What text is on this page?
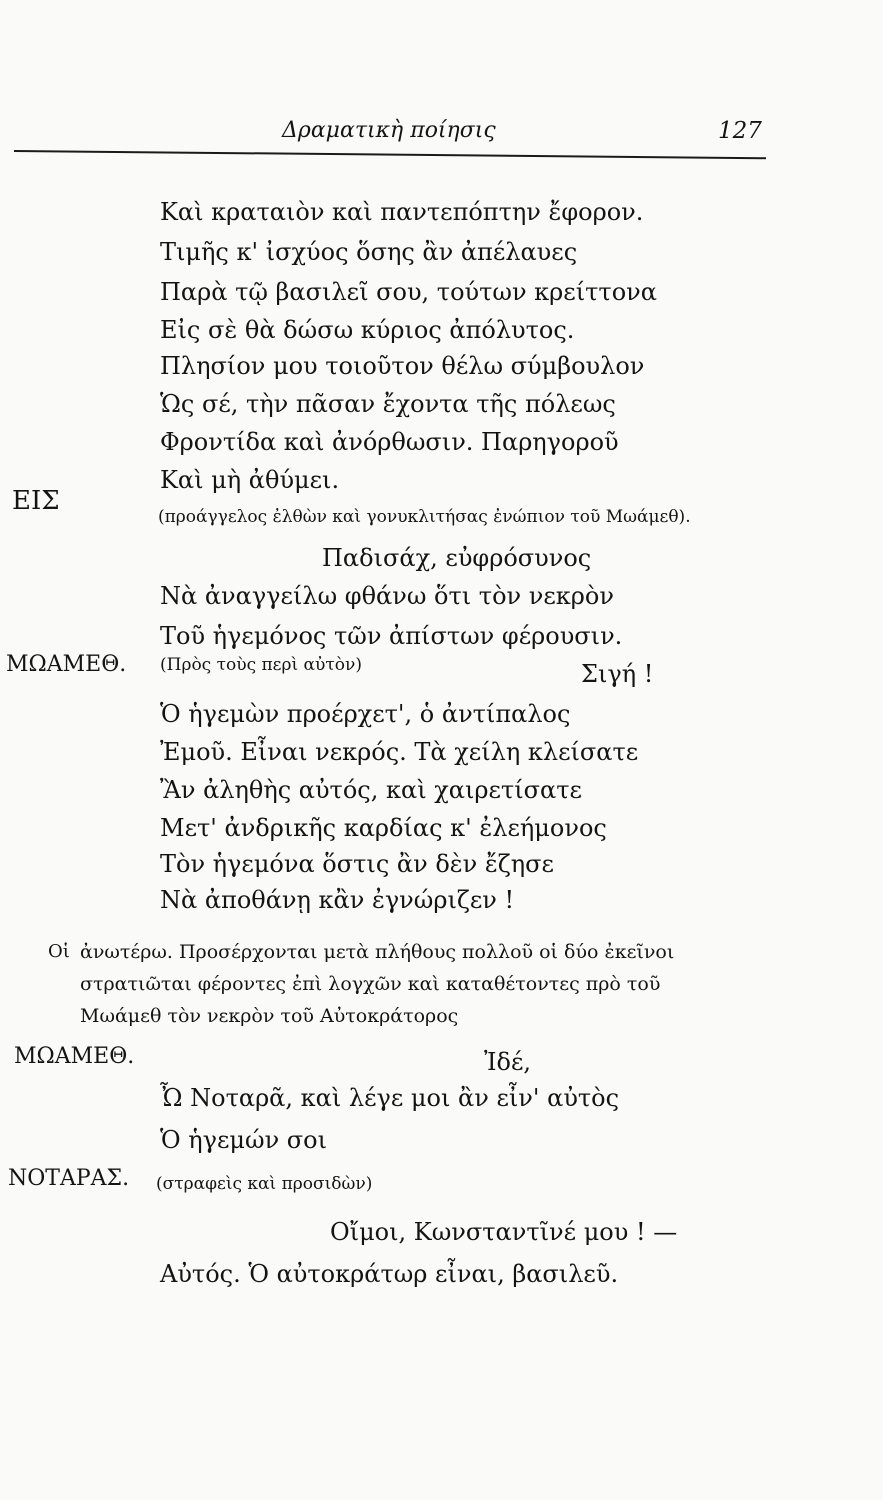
Δραματικὴ ποίησις	127
Καὶ κραταιὸν καὶ παντεπόπτην ἔφορον.
Τιμῆς κ' ἰσχύος ὅσης ἂν ἀπέλαυες
Παρὰ τῷ βασιλεῖ σου, τούτων κρείττονα
Εἰς σὲ θὰ δώσω κύριος ἀπόλυτος.
Πλησίον μου τοιοῦτον θέλω σύμβουλον
Ὡς σέ, τὴν πᾶσαν ἔχοντα τῆς πόλεως
Φροντίδα καὶ ἀνόρθωσιν. Παρηγοροῦ
Καὶ μὴ ἀθύμει.
ΕΙΣ
(προάγγελος ἐλθὼν καὶ γονυκλιτήσας ἐνώπιον τοῦ Μωάμεθ).
Παδισάχ, εὐφρόσυνος
Νὰ ἀναγγείλω φθάνω ὅτι τὸν νεκρὸν
Τοῦ ἡγεμόνος τῶν ἀπίστων φέρουσιν.
ΜΩΑΜΕΘ. (Πρὸς τοὺς περὶ αὐτὸν)	Σιγή !
Ὁ ἡγεμὼν προέρχετ', ὁ ἀντίπαλος
Ἐμοῦ. Εἶναι νεκρός. Τὰ χείλη κλείσατε
Ἂν ἀληθὴς αὐτός, καὶ χαιρετίσατε
Μετ' ἀνδρικῆς καρδίας κ' ἐλεήμονος
Τὸν ἡγεμόνα ὅστις ἂν δὲν ἔζησε
Νὰ ἀποθάνῃ κἂν ἐγνώριζεν !
Οἱ ἀνωτέρω. Προσέρχονται μετὰ πλήθους πολλοῦ οἱ δύο ἐκεῖνοι
στρατιῶται φέροντες ἐπὶ λογχῶν καὶ καταθέτοντες πρὸ τοῦ
Μωάμεθ τὸν νεκρὸν τοῦ Αὐτοκράτορος
ΜΩΑΜΕΘ.	Ἰδέ,
Ὦ Νοταρᾶ, καὶ λέγε μοι ἂν εἶν' αὐτὸς
Ὁ ἡγεμών σοι
ΝΟΤΑΡΑΣ. (στραφεὶς καὶ προσιδὼν)
Οἴμοι, Κωνσταντῖνέ μου ! —
Αὐτός. Ὁ αὐτοκράτωρ εἶναι, βασιλεῦ.
